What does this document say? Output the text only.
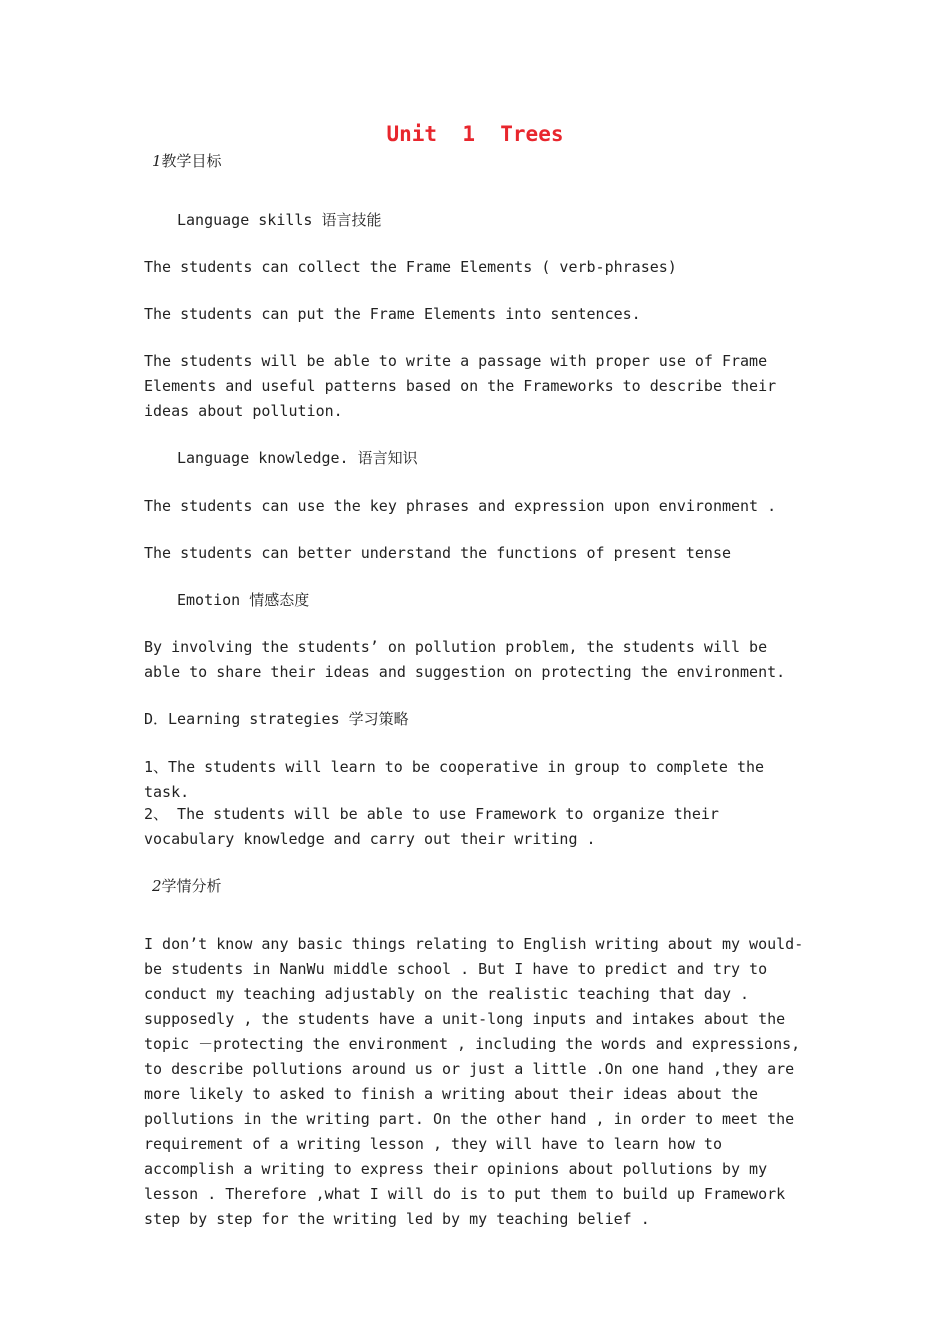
Unit  1  Trees
1教学目标
Language skills 语言技能
The students can collect the Frame Elements ( verb-phrases)
The students can put the Frame Elements into sentences.
The students will be able to write a passage with proper use of Frame Elements and useful patterns based on the Frameworks to describe their ideas about pollution.
Language knowledge. 语言知识
The students can use the key phrases and expression upon environment .
The students can better understand the functions of present tense
Emotion 情感态度
By involving the students’ on pollution problem, the students will be able to share their ideas and suggestion on protecting the environment.
D．Learning strategies 学习策略
1、The students will learn to be cooperative in group to complete the task.
2、 The students will be able to use Framework to organize their vocabulary knowledge and carry out their writing .
2学情分析
I don’t know any basic things relating to English writing about my would-be students in NanWu middle school . But I have to predict and try to conduct my teaching adjustably on the realistic teaching that day . supposedly , the students have a unit-long inputs and intakes about the topic －protecting the environment , including the words and expressions, to describe pollutions around us or just a little .On one hand ,they are more likely to asked to finish a writing about their ideas about the pollutions in the writing part. On the other hand , in order to meet the requirement of a writing lesson , they will have to learn how to accomplish a writing to express their opinions about pollutions by my lesson . Therefore ,what I will do is to put them to build up Framework step by step for the writing led by my teaching belief .
